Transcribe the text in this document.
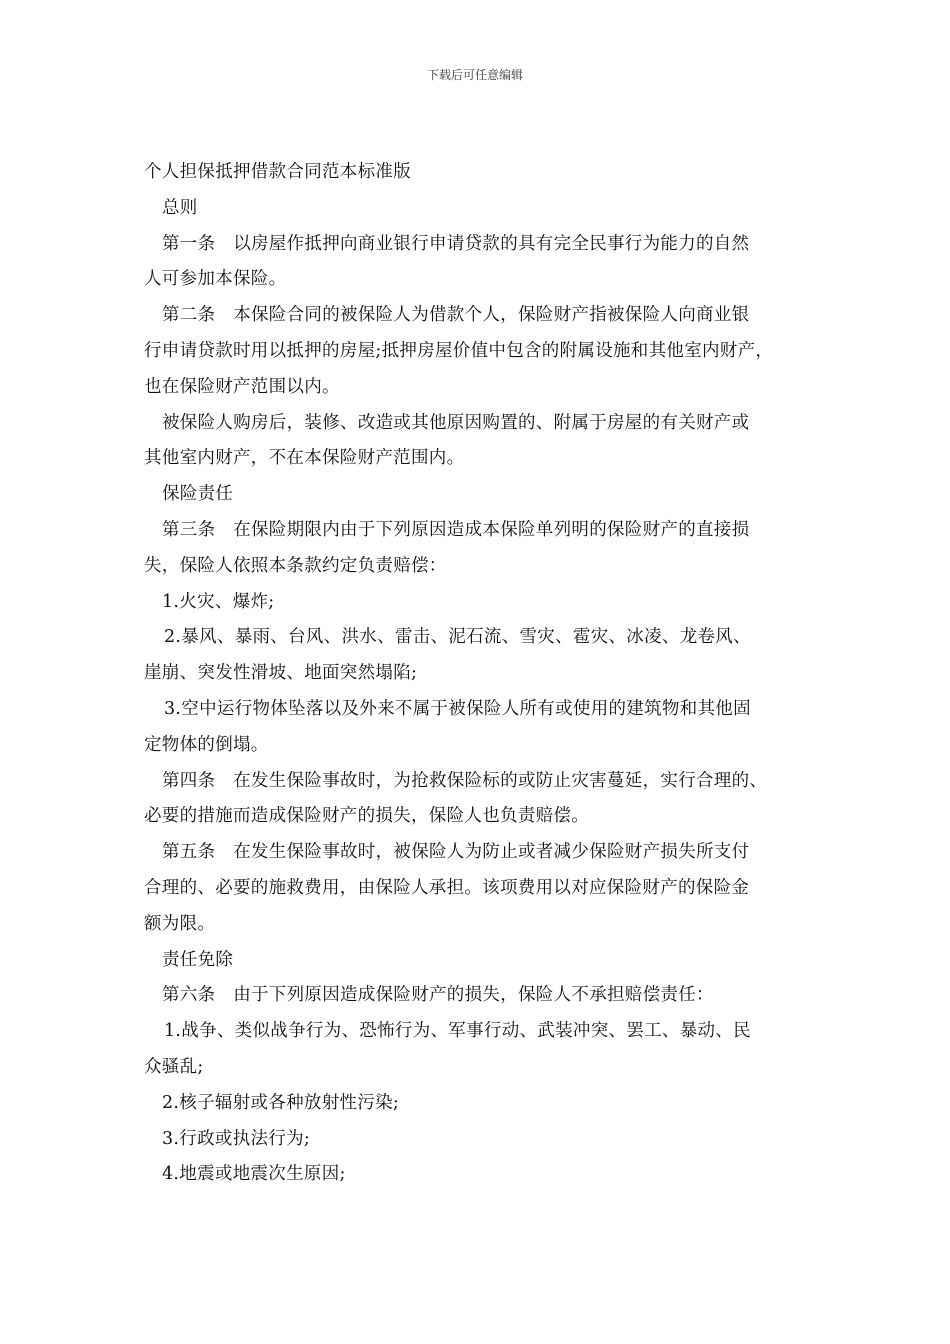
下载后可任意编辑
个人担保抵押借款合同范本标准版
总则
第一条　以房屋作抵押向商业银行申请贷款的具有完全民事行为能力的自然
人可参加本保险。
第二条　本保险合同的被保险人为借款个人，保险财产指被保险人向商业银
行申请贷款时用以抵押的房屋;抵押房屋价值中包含的附属设施和其他室内财产，
也在保险财产范围以内。
被保险人购房后，装修、改造或其他原因购置的、附属于房屋的有关财产或
其他室内财产，不在本保险财产范围内。
保险责任
第三条　在保险期限内由于下列原因造成本保险单列明的保险财产的直接损
失，保险人依照本条款约定负责赔偿：
1.火灾、爆炸;
2.暴风、暴雨、台风、洪水、雷击、泥石流、雪灾、雹灾、冰凌、龙卷风、
崖崩、突发性滑坡、地面突然塌陷;
3.空中运行物体坠落以及外来不属于被保险人所有或使用的建筑物和其他固
定物体的倒塌。
第四条　在发生保险事故时，为抢救保险标的或防止灾害蔓延，实行合理的、
必要的措施而造成保险财产的损失，保险人也负责赔偿。
第五条　在发生保险事故时，被保险人为防止或者减少保险财产损失所支付
合理的、必要的施救费用，由保险人承担。该项费用以对应保险财产的保险金
额为限。
责任免除
第六条　由于下列原因造成保险财产的损失，保险人不承担赔偿责任：
1.战争、类似战争行为、恐怖行为、军事行动、武装冲突、罢工、暴动、民
众骚乱;
2.核子辐射或各种放射性污染;
3.行政或执法行为;
4.地震或地震次生原因;
